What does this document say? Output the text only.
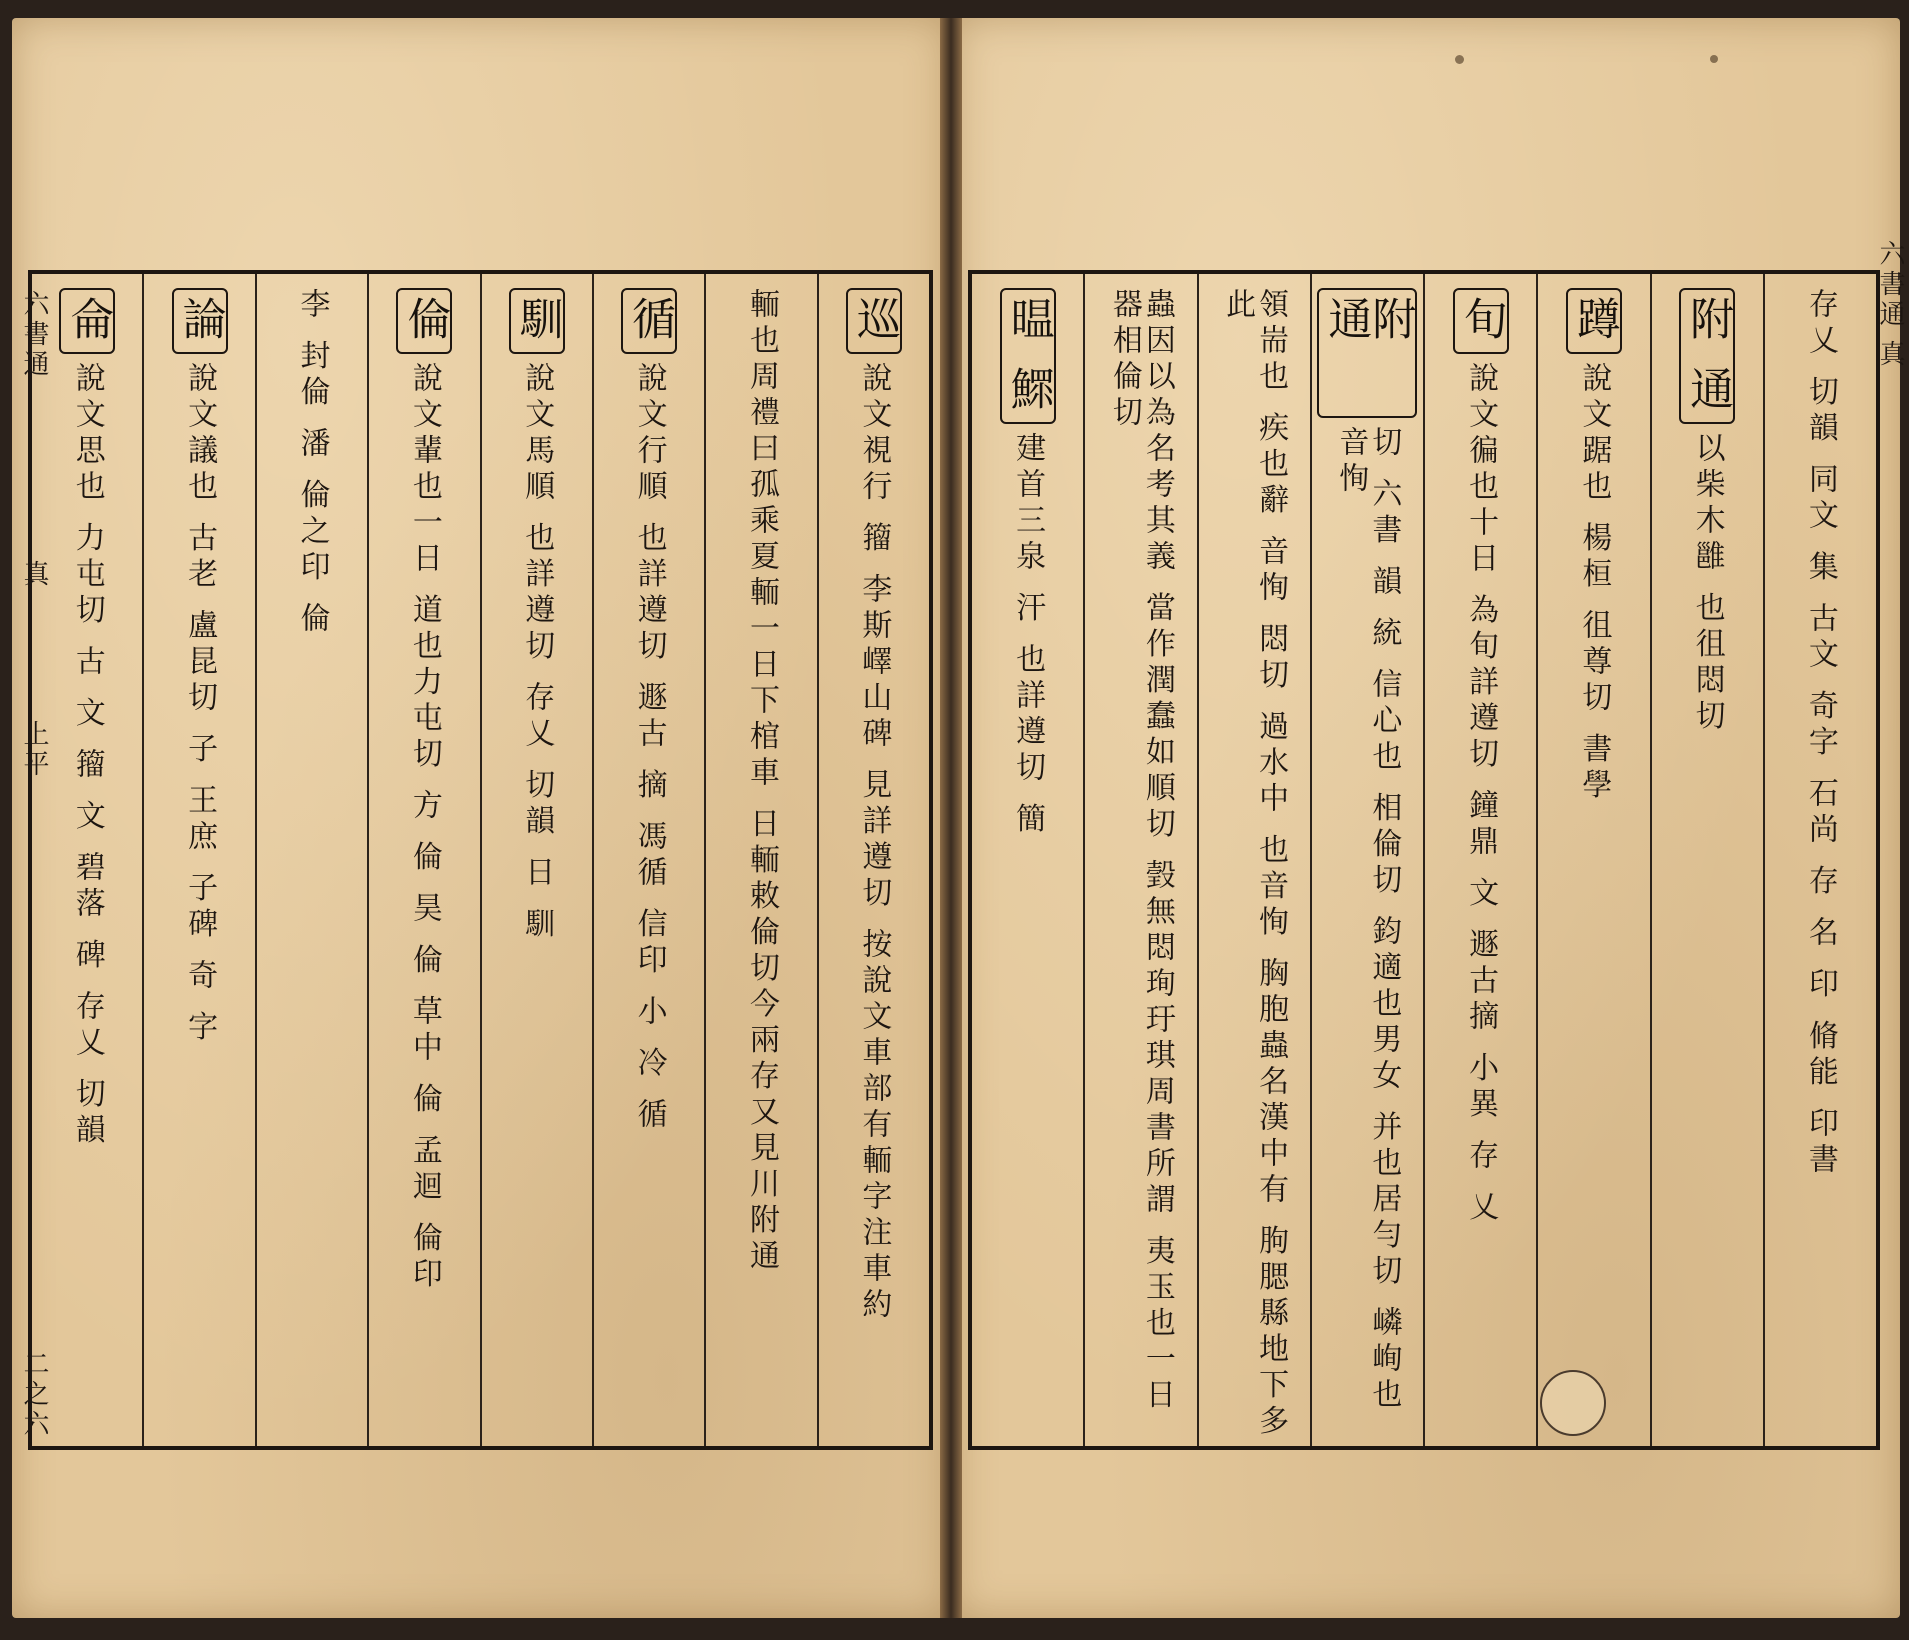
六書通
真
上平
二之六
六書通
真
巡
說文視行 籀 李斯嶧山碑 見詳遵切 按說文車部有輀字注車約
輀也周禮曰孤乘夏輀一日下棺車 日輀敕倫切今兩存又見川附通
循
說文行順 也詳遵切 遯古 摘 馮循 信印 小 冷 循
馴
說文馬順 也詳遵切 存乂 切韻 日 馴
倫
說文輩也一日 道也力屯切 方 倫 昊 倫 草中 倫 孟迴 倫印
李 封倫 潘 倫之印 倫
論
說文議也 古老 盧昆切 子 王庶 子碑 奇 字
侖
說文思也 力屯切 古 文 籀 文 碧落 碑 存乂 切韻	存乂 切韻 同文 集 古文 奇字 石尚 存 名 印 脩能 印書
附 通
以柴木雝 也徂悶切
蹲
說文踞也 楊桓 徂尊切 書學
旬
說文徧也十日 為旬詳遵切 鐘鼎 文 遯古摘 小異 存 乂
附 通
切 六書 韻 統 信心也 相倫切 鈞適也男女 并也居勻切 嶙峋也 音恂
領耑也 疾也辭 音恂 悶切 過水中 也音恂 胸胞蟲名漢中有 朐腮縣地下多此
蟲因以為名考其義 當作潤蠢如順切 瑴無悶珣玗琪周書所謂 夷玉也一日器相倫切
㬈 鰥
建首三泉 汗 也詳遵切 簡
